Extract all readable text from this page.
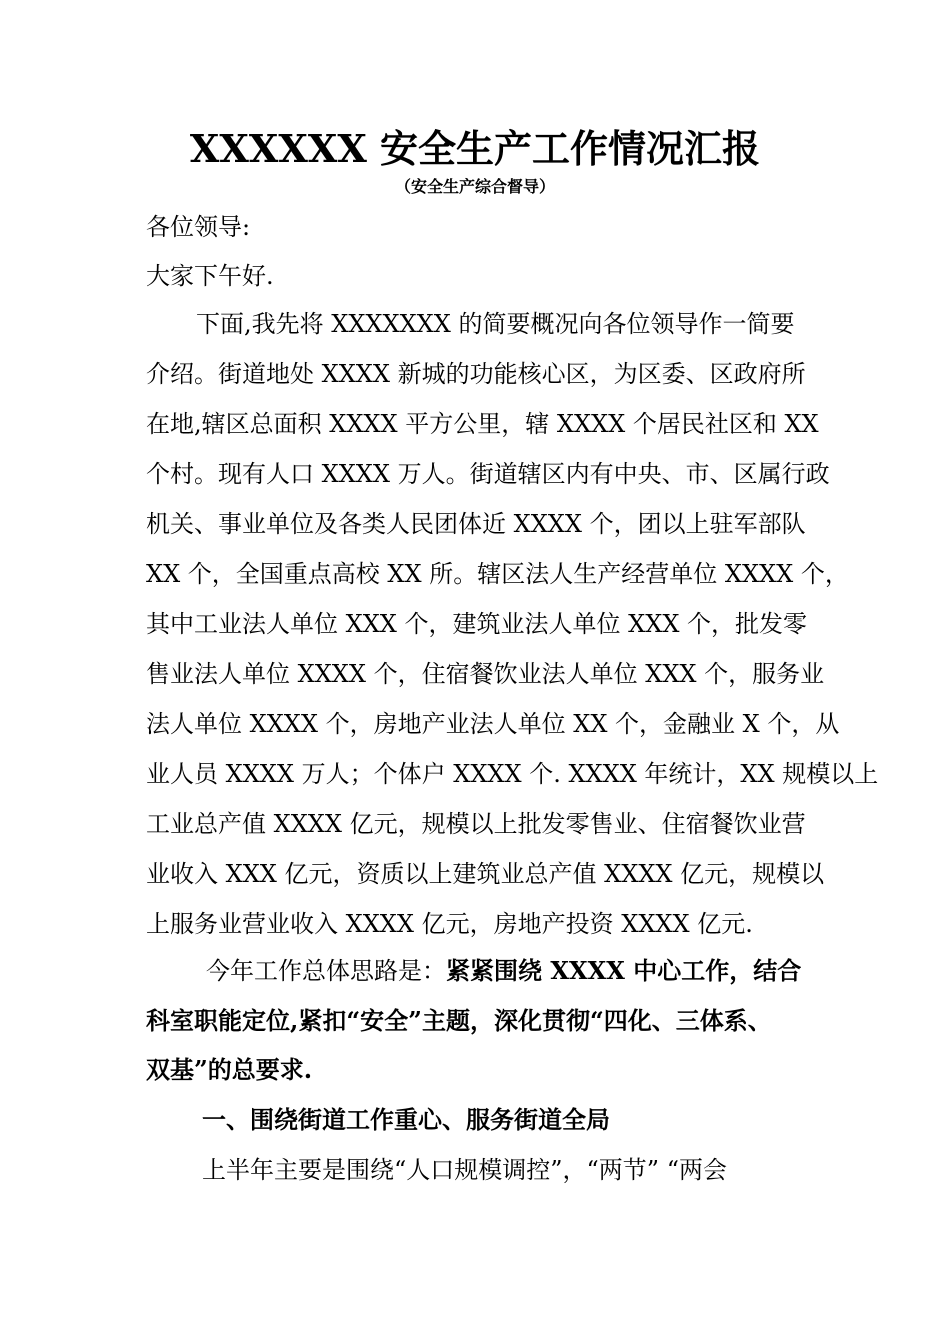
XXXXXX 安全生产工作情况汇报
（安全生产综合督导）
各位领导:
大家下午好.
下面,我先将 XXXXXXX 的简要概况向各位领导作一简要
介绍。街道地处 XXXX 新城的功能核心区，为区委、区政府所
在地,辖区总面积 XXXX 平方公里，辖 XXXX 个居民社区和 XX
个村。现有人口 XXXX 万人。街道辖区内有中央、市、区属行政
机关、事业单位及各类人民团体近 XXXX 个，团以上驻军部队
XX 个，全国重点高校 XX 所。辖区法人生产经营单位 XXXX 个，
其中工业法人单位 XXX 个，建筑业法人单位 XXX 个，批发零
售业法人单位 XXXX 个，住宿餐饮业法人单位 XXX 个，服务业
法人单位 XXXX 个，房地产业法人单位 XX 个，金融业 X 个，从
业人员 XXXX 万人；个体户 XXXX 个. XXXX 年统计，XX 规模以上
工业总产值 XXXX 亿元，规模以上批发零售业、住宿餐饮业营
业收入 XXX 亿元，资质以上建筑业总产值 XXXX 亿元，规模以
上服务业营业收入 XXXX 亿元，房地产投资 XXXX 亿元.
今年工作总体思路是：紧紧围绕 XXXX 中心工作，结合
科室职能定位,紧扣“安全”主题，深化贯彻“四化、三体系、
双基”的总要求.
一、围绕街道工作重心、服务街道全局
上半年主要是围绕“人口规模调控”，“两节” “两会
